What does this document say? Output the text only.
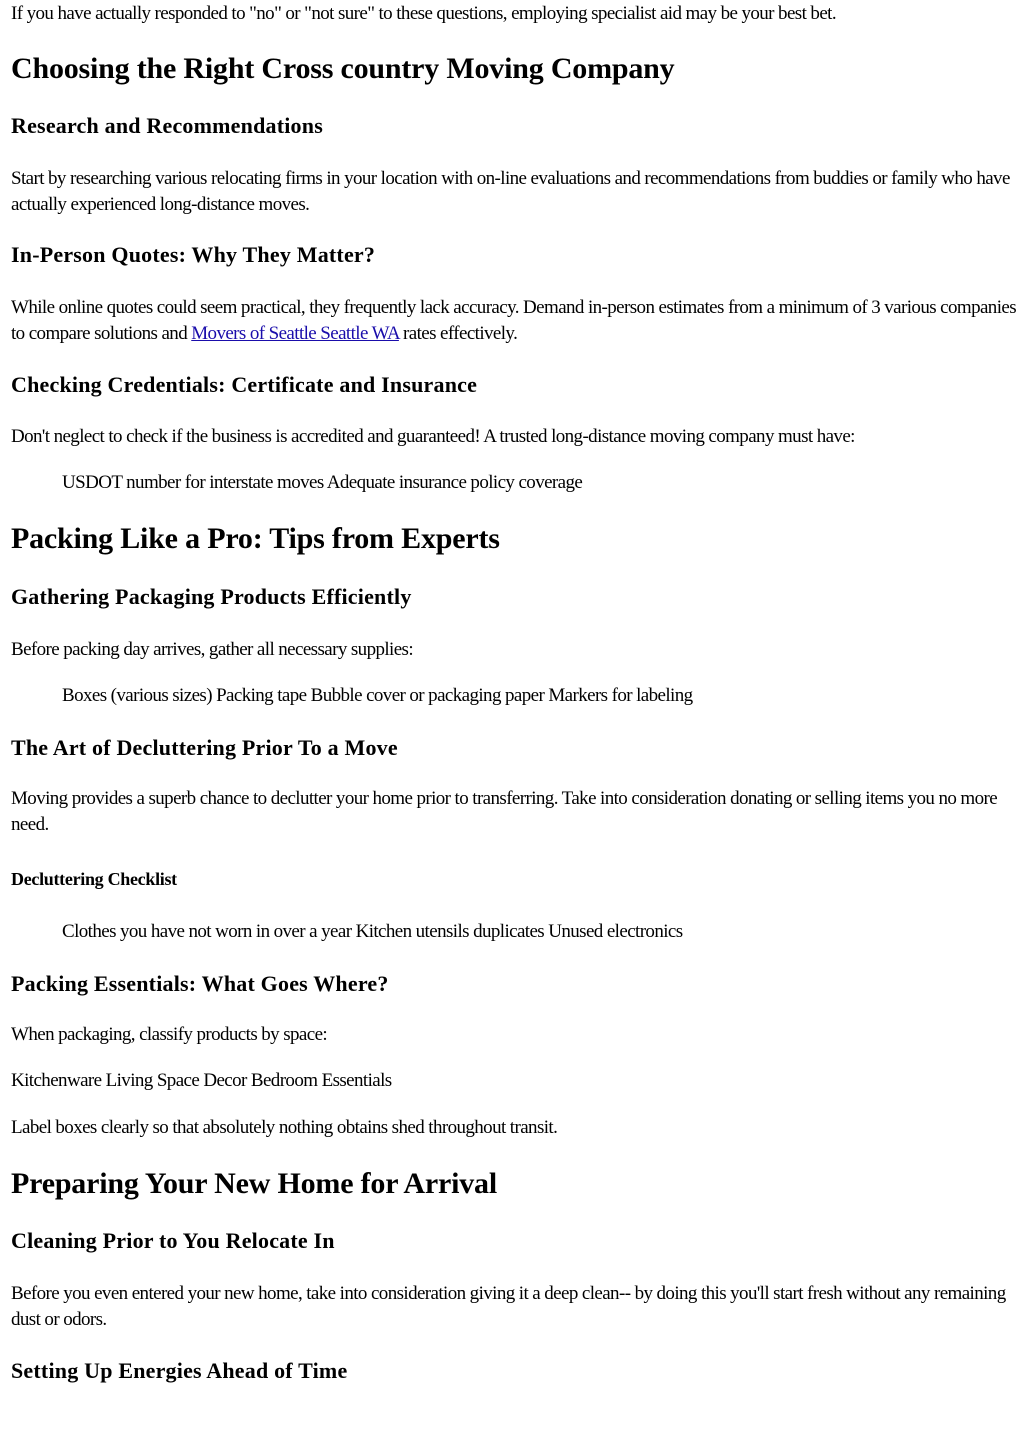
If you have actually responded to "no" or "not sure" to these questions, employing specialist aid may be your best bet.

Choosing the Right Cross country Moving Company
Research and Recommendations

Start by researching various relocating firms in your location with on-line evaluations and recommendations from buddies or family who have actually experienced long-distance moves.

In-Person Quotes: Why They Matter?

While online quotes could seem practical, they frequently lack accuracy. Demand in-person estimates from a minimum of 3 various companies to compare solutions and Movers of Seattle Seattle WA rates effectively.

Checking Credentials: Certificate and Insurance

Don't neglect to check if the business is accredited and guaranteed! A trusted long-distance moving company must have:

USDOT number for interstate moves Adequate insurance policy coverage

Packing Like a Pro: Tips from Experts
Gathering Packaging Products Efficiently

Before packing day arrives, gather all necessary supplies:

Boxes (various sizes) Packing tape Bubble cover or packaging paper Markers for labeling

The Art of Decluttering Prior To a Move

Moving provides a superb chance to declutter your home prior to transferring. Take into consideration donating or selling items you no more need.

Decluttering Checklist

Clothes you have not worn in over a year Kitchen utensils duplicates Unused electronics

Packing Essentials: What Goes Where?

When packaging, classify products by space:

Kitchenware Living Space Decor Bedroom Essentials

Label boxes clearly so that absolutely nothing obtains shed throughout transit.

Preparing Your New Home for Arrival
Cleaning Prior to You Relocate In

Before you even entered your new home, take into consideration giving it a deep clean-- by doing this you'll start fresh without any remaining dust or odors.

Setting Up Energies Ahead of Time
